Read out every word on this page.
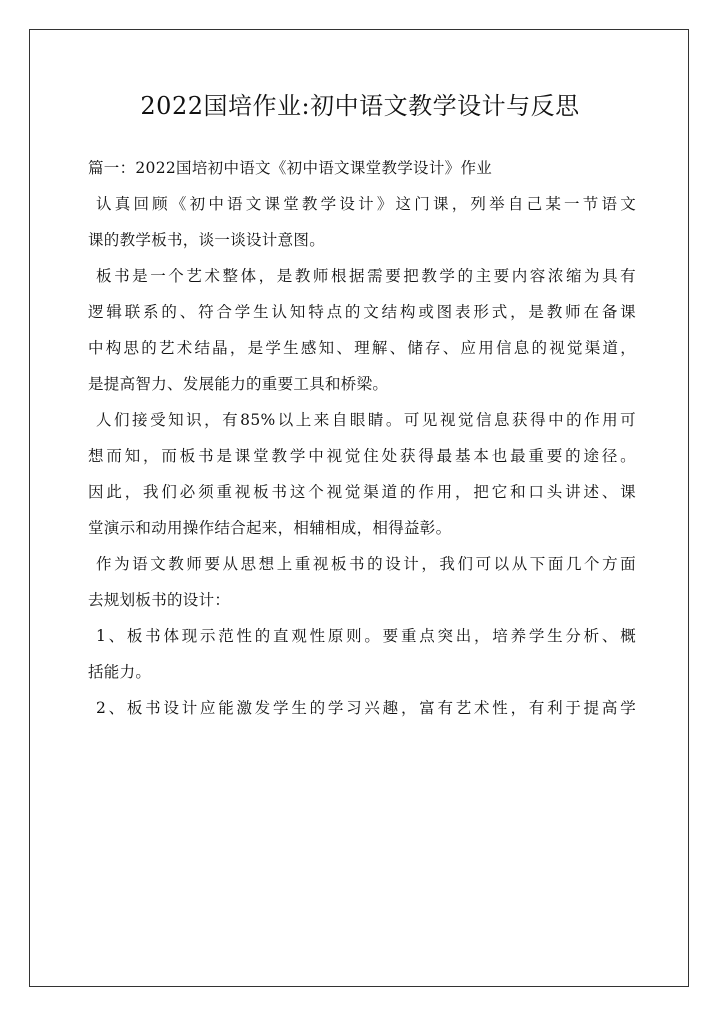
2022国培作业:初中语文教学设计与反思

篇一：2022国培初中语文《初中语文课堂教学设计》作业

认真回顾《初中语文课堂教学设计》这门课，列举自己某一节语文

课的教学板书，谈一谈设计意图。

板书是一个艺术整体，是教师根据需要把教学的主要内容浓缩为具有

逻辑联系的、符合学生认知特点的文结构或图表形式，是教师在备课

中构思的艺术结晶，是学生感知、理解、储存、应用信息的视觉渠道，

是提高智力、发展能力的重要工具和桥梁。

人们接受知识，有85%以上来自眼睛。可见视觉信息获得中的作用可

想而知，而板书是课堂教学中视觉住处获得最基本也最重要的途径。

因此，我们必须重视板书这个视觉渠道的作用，把它和口头讲述、课

堂演示和动用操作结合起来，相辅相成，相得益彰。

作为语文教师要从思想上重视板书的设计，我们可以从下面几个方面

去规划板书的设计：

1、板书体现示范性的直观性原则。要重点突出，培养学生分析、概

括能力。

2、板书设计应能激发学生的学习兴趣，富有艺术性，有利于提高学
